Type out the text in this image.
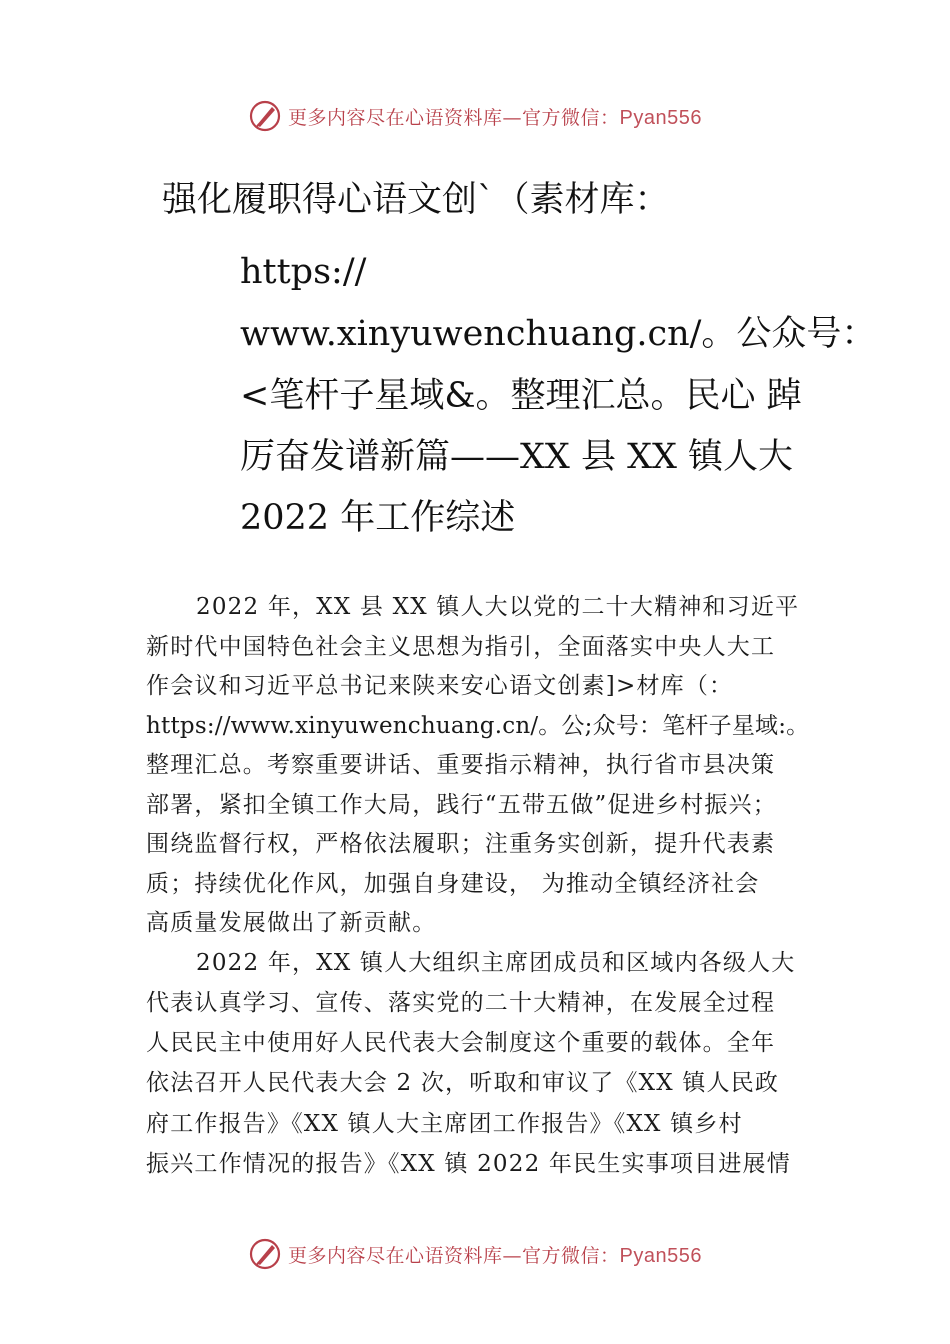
更多内容尽在心语资料库—官方微信：Pyan556
强化履职得心语文创`（素材库：
https://
www.xinyuwenchuang.cn/。公众号：
<笔杆子星域&。整理汇总。民心 踔
厉奋发谱新篇——XX 县 XX 镇人大
2022 年工作综述
2022 年，XX 县 XX 镇人大以党的二十大精神和习近平
新时代中国特色社会主义思想为指引，全面落实中央人大工
作会议和习近平总书记来陕来安心语文创素]>材库（：
https://www.xinyuwenchuang.cn/。公;众号：笔杆子星域:。
整理汇总。考察重要讲话、重要指示精神，执行省市县决策
部署，紧扣全镇工作大局，践行“五带五做”促进乡村振兴；
围绕监督行权，严格依法履职；注重务实创新，提升代表素
质；持续优化作风，加强自身建设， 为推动全镇经济社会
高质量发展做出了新贡献。
2022 年，XX 镇人大组织主席团成员和区域内各级人大
代表认真学习、宣传、落实党的二十大精神，在发展全过程
人民民主中使用好人民代表大会制度这个重要的载体。全年
依法召开人民代表大会 2 次，听取和审议了《XX 镇人民政
府工作报告》《XX 镇人大主席团工作报告》《XX 镇乡村
振兴工作情况的报告》《XX 镇 2022 年民生实事项目进展情
更多内容尽在心语资料库—官方微信：Pyan556
